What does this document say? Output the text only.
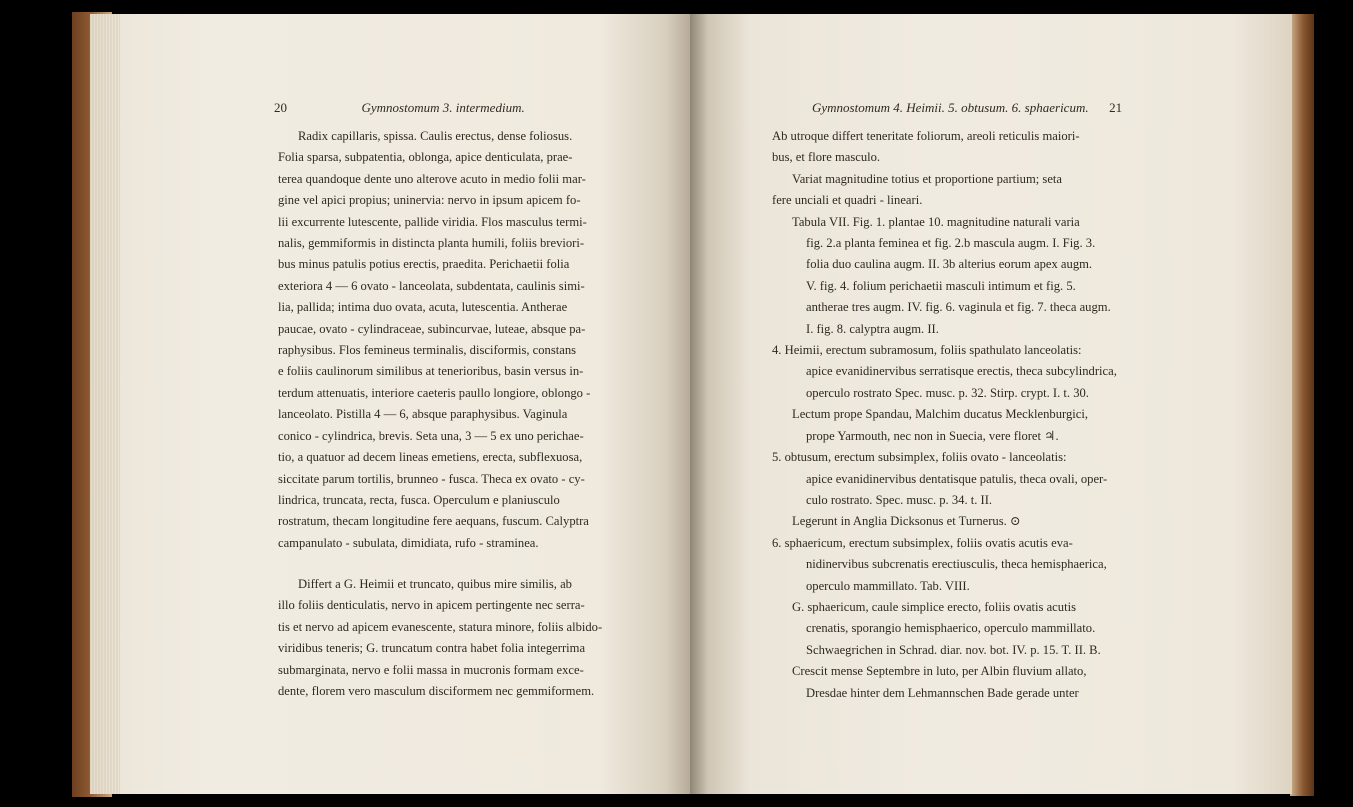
20	Gymnostomum 3. intermedium.

Radix capillaris, spissa. Caulis erectus, dense foliosus.

Folia sparsa, subpatentia, oblonga, apice denticulata, prae-

terea quandoque dente uno alterove acuto in medio folii mar-

gine vel apici propius; uninervia: nervo in ipsum apicem fo-

lii excurrente lutescente, pallide viridia. Flos masculus termi-

nalis, gemmiformis in distincta planta humili, foliis breviori-

bus minus patulis potius erectis, praedita. Perichaetii folia

exteriora 4 — 6 ovato - lanceolata, subdentata, caulinis simi-

lia, pallida; intima duo ovata, acuta, lutescentia. Antherae

paucae, ovato - cylindraceae, subincurvae, luteae, absque pa-

raphysibus. Flos femineus terminalis, disciformis, constans

e foliis caulinorum similibus at tenerioribus, basin versus in-

terdum attenuatis, interiore caeteris paullo longiore, oblongo -

lanceolato. Pistilla 4 — 6, absque paraphysibus. Vaginula

conico - cylindrica, brevis. Seta una, 3 — 5 ex uno perichae-

tio, a quatuor ad decem lineas emetiens, erecta, subflexuosa,

siccitate parum tortilis, brunneo - fusca. Theca ex ovato - cy-

lindrica, truncata, recta, fusca. Operculum e planiusculo

rostratum, thecam longitudine fere aequans, fuscum. Calyptra

campanulato - subulata, dimidiata, rufo - straminea.

Differt a G. Heimii et truncato, quibus mire similis, ab

illo foliis denticulatis, nervo in apicem pertingente nec serra-

tis et nervo ad apicem evanescente, statura minore, foliis albido-

viridibus teneris; G. truncatum contra habet folia integerrima

submarginata, nervo e folii massa in mucronis formam exce-

dente, florem vero masculum disciformem nec gemmiformem.

Gymnostomum 4. Heimii. 5. obtusum. 6. sphaericum. 21

Ab utroque differt teneritate foliorum, areoli reticulis maiori-

bus, et flore masculo.

Variat magnitudine totius et proportione partium; seta

fere unciali et quadri - lineari.

Tabula VII. Fig. 1. plantae 10. magnitudine naturali varia

fig. 2.a planta feminea et fig. 2.b mascula augm. I. Fig. 3.

folia duo caulina augm. II. 3b alterius eorum apex augm.

V. fig. 4. folium perichaetii masculi intimum et fig. 5.

antherae tres augm. IV. fig. 6. vaginula et fig. 7. theca augm.

I. fig. 8. calyptra augm. II.

4. Heimii, erectum subramosum, foliis spathulato lanceolatis:

apice evanidinervibus serratisque erectis, theca subcylindrica,

operculo rostrato Spec. musc. p. 32. Stirp. crypt. I. t. 30.

Lectum prope Spandau, Malchim ducatus Mecklenburgici,

prope Yarmouth, nec non in Suecia, vere floret ♃.

5. obtusum, erectum subsimplex, foliis ovato - lanceolatis:

apice evanidinervibus dentatisque patulis, theca ovali, oper-

culo rostrato. Spec. musc. p. 34. t. II.

Legerunt in Anglia Dicksonus et Turnerus. ⊙

6. sphaericum, erectum subsimplex, foliis ovatis acutis eva-

nidinervibus subcrenatis erectiusculis, theca hemisphaerica,

operculo mammillato. Tab. VIII.

G. sphaericum, caule simplice erecto, foliis ovatis acutis

crenatis, sporangio hemisphaerico, operculo mammillato.

Schwaegrichen in Schrad. diar. nov. bot. IV. p. 15. T. II. B.

Crescit mense Septembre in luto, per Albin fluvium allato,

Dresdae hinter dem Lehmannschen Bade gerade unter
